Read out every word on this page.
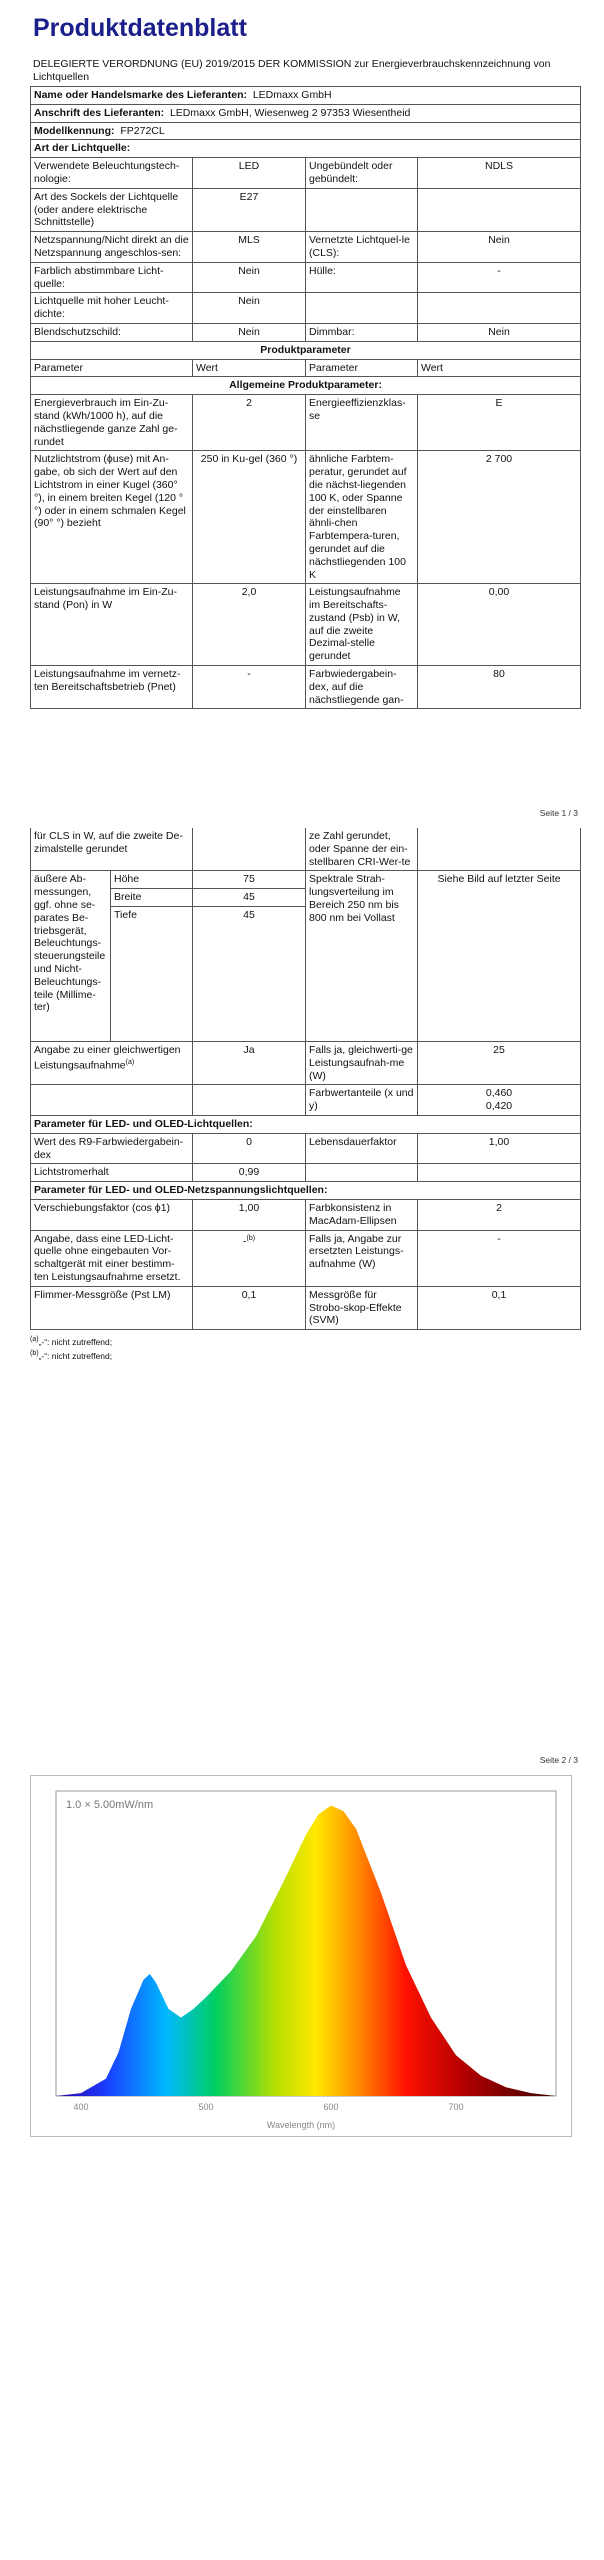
Produktdatenblatt
DELEGIERTE VERORDNUNG (EU) 2019/2015 DER KOMMISSION zur Energieverbrauchskennzeichnung von Lichtquellen
Name oder Handelsmarke des Lieferanten: LEDmaxx GmbH
Anschrift des Lieferanten: LEDmaxx GmbH, Wiesenweg 2 97353 Wiesentheid
Modellkennung: FP272CL
Art der Lichtquelle:
Verwendete Beleuchtungstech-nologie:	LED	Ungebündelt oder gebündelt:	NDLS
Art des Sockels der Lichtquelle (oder andere elektrische Schnittstelle)	E27		
Netzspannung/Nicht direkt an die Netzspannung angeschlos-sen:	MLS	Vernetzte Lichtquel-le (CLS):	Nein
Farblich abstimmbare Licht-quelle:	Nein	Hülle:	-
Lichtquelle mit hoher Leucht-dichte:	Nein		
Blendschutzschild:	Nein	Dimmbar:	Nein
Produktparameter			
Parameter	Wert	Parameter	Wert
Allgemeine Produktparameter:			
Energieverbrauch im Ein-Zu-stand (kWh/1000 h), auf die nächstliegende ganze Zahl ge-rundet	2	Energieeffizienzklas-se	E
Nutzlichtstrom (ϕuse) mit An-gabe, ob sich der Wert auf den Lichtstrom in einer Kugel (360° °), in einem breiten Kegel (120 °°) oder in einem schmalen Kegel (90° °) bezieht	250 in Ku-gel (360 °)	ähnliche Farbtem-peratur, gerundet auf die nächst-liegenden 100 K, oder Spanne der einstellbaren ähnli-chen Farbtempera-turen, gerundet auf die nächstliegenden 100 K	2 700
Leistungsaufnahme im Ein-Zu-stand (Pon) in W	2,0	Leistungsaufnahme im Bereitschafts-zustand (Psb) in W, auf die zweite Dezimal-stelle gerundet	0,00
Leistungsaufnahme im vernetz-ten Bereitschaftsbetrieb (Pnet)	-	Farbwiedergabein-dex, auf die nächstliegende gan-	80
Seite 1 / 3
für CLS in W, auf die zweite De-zimalstelle gerundet			ze Zahl gerundet, oder Spanne der ein-stellbaren CRI-Wer-te	
äußere Ab-messungen, ggf. ohne se-parates Be-triebsgerät, Beleuchtungs-steuerungsteile und Nicht-Beleuchtungs-teile (Millime-ter)	Höhe	75	Spektrale Strah-lungsverteilung im Bereich 250 nm bis 800 nm bei Vollast	Siehe Bild auf letzter Seite
	Breite	45		
	Tiefe	45		
Angabe zu einer gleichwertigen Leistungsaufnahme$^{(a)}$		Ja	Falls ja, gleichwerti-ge Leistungsaufnah-me (W)	25
			Farbwertanteile (x und y)	0,460
0,420
Parameter für LED- und OLED-Lichtquellen:				
Wert des R9-Farbwiedergabein-dex		0	Lebensdauerfaktor	1,00
Lichtstromerhalt		0,99		
Parameter für LED- und OLED-Netzspannungslichtquellen:				
Verschiebungsfaktor (cos ϕ1)		1,00	Farbkonsistenz in MacAdam-Ellipsen	2
Angabe, dass eine LED-Licht-quelle ohne eingebauten Vor-schaltgerät mit einer bestimm-ten Leistungsaufnahme ersetzt.		-$^{(b)}$	Falls ja, Angabe zur ersetzten Leistungs-aufnahme (W)	-
Flimmer-Messgröße (Pst LM)		0,1	Messgröße für Strobo-skop-Effekte (SVM)	0,1
$^{(a)}$„-“: nicht zutreffend;
$^{(b)}$„-“: nicht zutreffend;
Seite 2 / 3
400	500	600	700
1.0 × 5.00mW/nm
Wavelength (nm)
